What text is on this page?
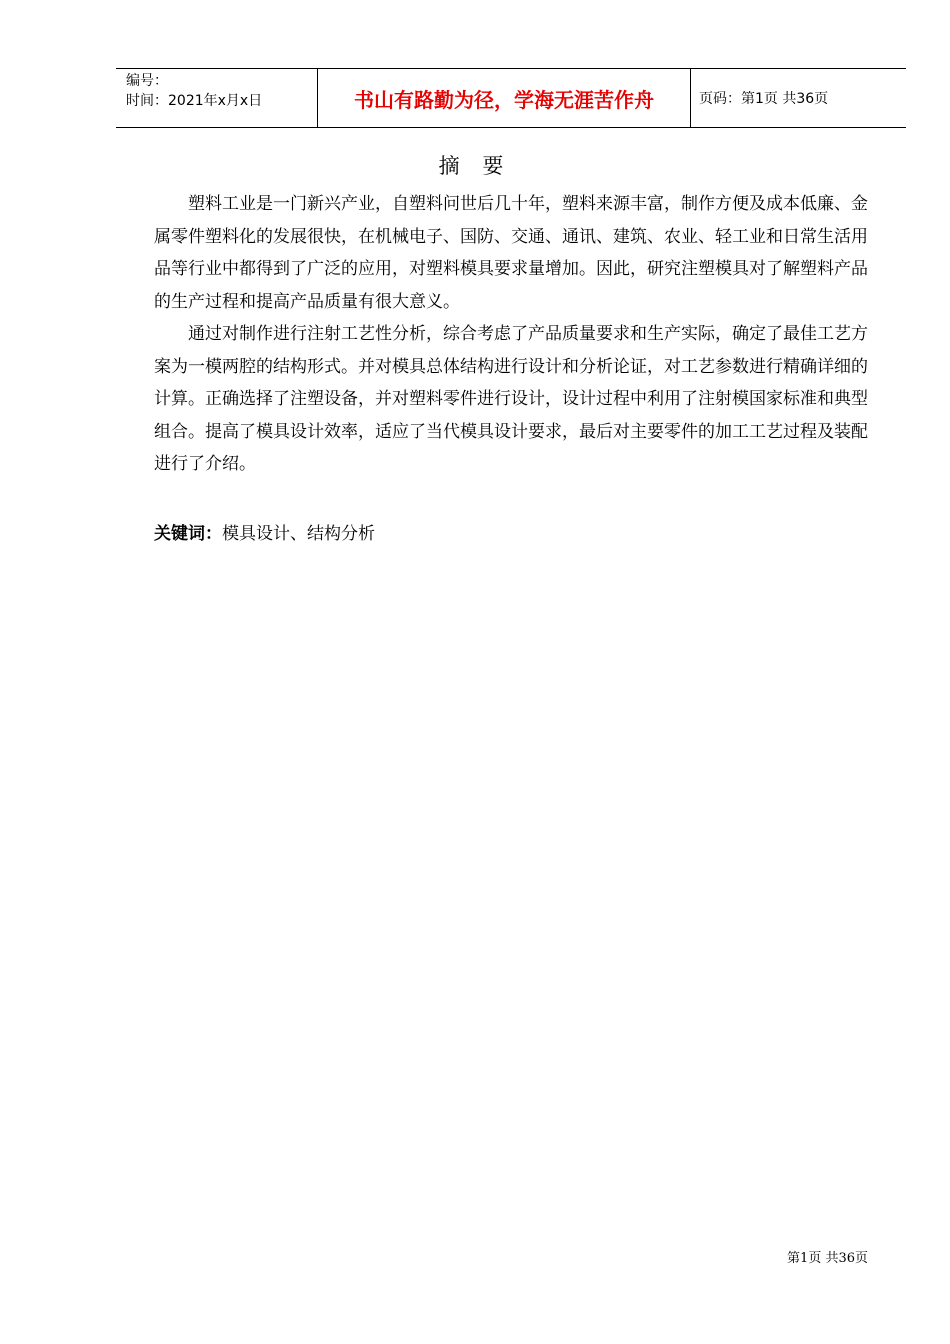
编号：
时间：2021年x月x日	书山有路勤为径，学海无涯苦作舟	页码：第1页 共36页
摘 要

塑料工业是一门新兴产业，自塑料问世后几十年，塑料来源丰富，制作方便及成本低廉、金属零件塑料化的发展很快，在机械电子、国防、交通、通讯、建筑、农业、轻工业和日常生活用品等行业中都得到了广泛的应用，对塑料模具要求量增加。因此，研究注塑模具对了解塑料产品的生产过程和提高产品质量有很大意义。

通过对制作进行注射工艺性分析，综合考虑了产品质量要求和生产实际，确定了最佳工艺方案为一模两腔的结构形式。并对模具总体结构进行设计和分析论证，对工艺参数进行精确详细的计算。正确选择了注塑设备，并对塑料零件进行设计，设计过程中利用了注射模国家标准和典型组合。提高了模具设计效率，适应了当代模具设计要求，最后对主要零件的加工工艺过程及装配进行了介绍。

关键词：模具设计、结构分析
第1页 共36页
